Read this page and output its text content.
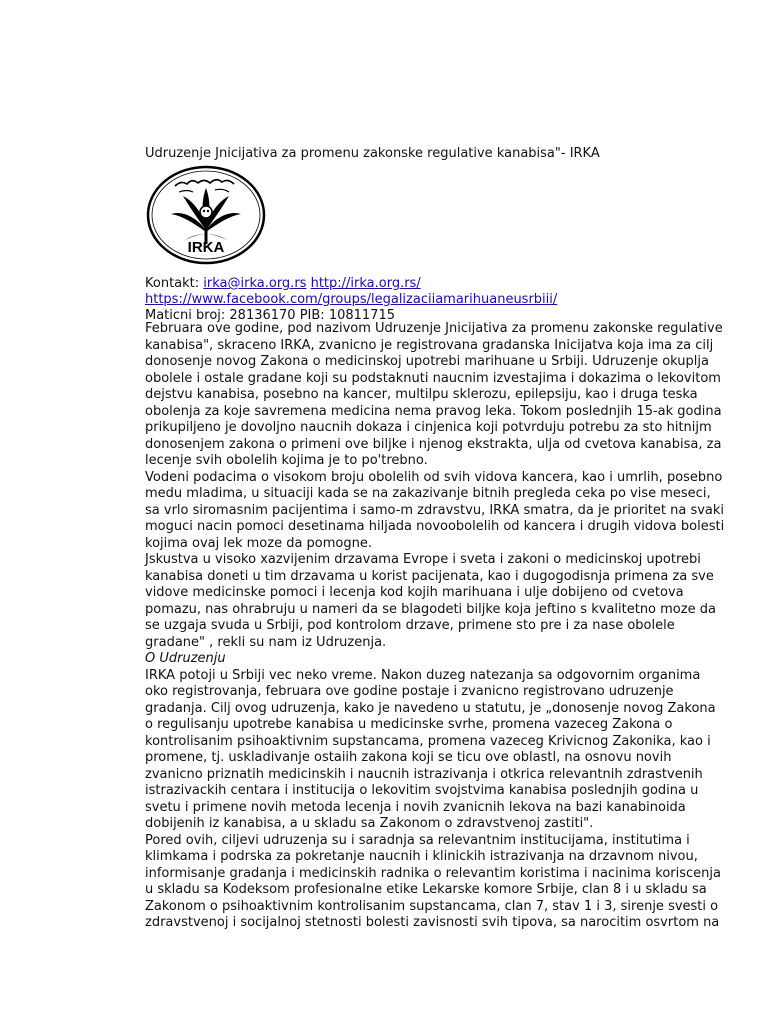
Udruzenje Jnicijativa za promenu zakonske regulative kanabisa"- IRKA
IRKA
Kontakt: irka@irka.org.rs http://irka.org.rs/
https://www.facebook.com/groups/legalizaciiamarihuaneusrbiii/
Maticni broj: 28136170 PIB: 10811715

Februara ove godine, pod nazivom Udruzenje Jnicijativa za promenu zakonske regulative kanabisa", skraceno IRKA, zvanicno je registrovana gradanska Inicijatva koja ima za cilj donosenje novog Zakona o medicinskoj upotrebi marihuane u Srbiji. Udruzenje okuplja obolele i ostale gradane koji su podstaknuti naucnim izvestajima i dokazima o lekovitom dejstvu kanabisa, posebno na kancer, multilpu sklerozu, epilepsiju, kao i druga teska obolenja za koje savremena medicina nema pravog leka. Tokom poslednjih 15-ak godina prikupiljeno je dovoljno naucnih dokaza i cinjenica koji potvrduju potrebu za sto hitnijm donosenjem zakona o primeni ove biljke i njenog ekstrakta, ulja od cvetova kanabisa, za lecenje svih obolelih kojima je to po'trebno.

Vodeni podacima o visokom broju obolelih od svih vidova kancera, kao i umrlih, posebno medu mladima, u situaciji kada se na zakazivanje bitnih pregleda ceka po vise meseci, sa vrlo siromasnim pacijentima i samo-m zdravstvu, IRKA smatra, da je prioritet na svaki moguci nacin pomoci desetinama hiljada novoobolelih od kancera i drugih vidova bolesti kojima ovaj lek moze da pomogne.

Jskustva u visoko xazvijenim drzavama Evrope i sveta i zakoni o medicinskoj upotrebi kanabisa doneti u tim drzavama u korist pacijenata, kao i dugogodisnja primena za sve vidove medicinske pomoci i lecenja kod kojih marihuana i ulje dobijeno od cvetova pomazu, nas ohrabruju u nameri da se blagodeti biljke koja jeftino s kvalitetno moze da se uzgaja svuda u Srbiji, pod kontrolom drzave, primene sto pre i za nase obolele gradane" , rekli su nam iz Udruzenja.

O Udruzenju

IRKA potoji u Srbiji vec neko vreme. Nakon duzeg natezanja sa odgovornim organima oko registrovanja, februara ove godine postaje i zvanicno registrovano udruzenje gradanja. Cilj ovog udruzenja, kako je navedeno u statutu, je „donosenje novog Zakona o regulisanju upotrebe kanabisa u medicinske svrhe, promena vazeceg Zakona o kontrolisanim psihoaktivnim supstancama, promena vazeceg Krivicnog Zakonika, kao i promene, tj. uskladivanje ostaiih zakona koji se ticu ove oblastl, na osnovu novih zvanicno priznatih medicinskih i naucnih istrazivanja i otkrica relevantnih zdrastvenih istrazivackih centara i institucija o lekovitim svojstvima kanabisa poslednjih godina u svetu i primene novih metoda lecenja i novih zvanicnih lekova na bazi kanabinoida dobijenih iz kanabisa, a u skladu sa Zakonom o zdravstvenoj zastiti".

Pored ovih, ciljevi udruzenja su i saradnja sa relevantnim institucijama, institutima i klimkama i podrska za pokretanje naucnih i klinickih istrazivanja na drzavnom nivou, informisanje gradanja i medicinskih radnika o relevantim koristima i nacinima koriscenja u skladu sa Kodeksom profesionalne etike Lekarske komore Srbije, clan 8 i u skladu sa Zakonom o psihoaktivnim kontrolisanim supstancama, clan 7, stav 1 i 3, sirenje svesti o zdravstvenoj i socijalnoj stetnosti bolesti zavisnosti svih tipova, sa narocitim osvrtom na
